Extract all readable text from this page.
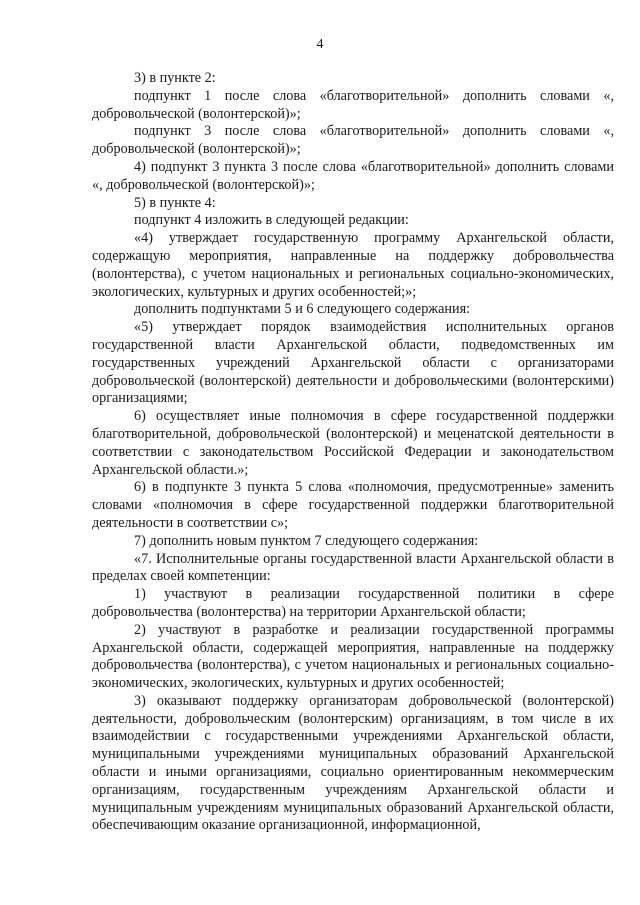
4

3) в пункте 2:

подпункт 1 после слова «благотворительной» дополнить словами «, добровольческой (волонтерской)»;

подпункт 3 после слова «благотворительной» дополнить словами «, добровольческой (волонтерской)»;

4) подпункт 3 пункта 3 после слова «благотворительной» дополнить словами «, добровольческой (волонтерской)»;

5) в пункте 4:

подпункт 4 изложить в следующей редакции:

«4) утверждает государственную программу Архангельской области, содержащую мероприятия, направленные на поддержку добровольчества (волонтерства), с учетом национальных и региональных социально-экономических, экологических, культурных и других особенностей;»;

дополнить подпунктами 5 и 6 следующего содержания:

«5) утверждает порядок взаимодействия исполнительных органов государственной власти Архангельской области, подведомственных им государственных учреждений Архангельской области с организаторами добровольческой (волонтерской) деятельности и добровольческими (волонтерскими) организациями;

6) осуществляет иные полномочия в сфере государственной поддержки благотворительной, добровольческой (волонтерской) и меценатской деятельности в соответствии с законодательством Российской Федерации и законодательством Архангельской области.»;

6) в подпункте 3 пункта 5 слова «полномочия, предусмотренные» заменить словами «полномочия в сфере государственной поддержки благотворительной деятельности в соответствии с»;

7) дополнить новым пунктом 7 следующего содержания:

«7. Исполнительные органы государственной власти Архангельской области в пределах своей компетенции:

1) участвуют в реализации государственной политики в сфере добровольчества (волонтерства) на территории Архангельской области;

2) участвуют в разработке и реализации государственной программы Архангельской области, содержащей мероприятия, направленные на поддержку добровольчества (волонтерства), с учетом национальных и региональных социально-экономических, экологических, культурных и других особенностей;

3) оказывают поддержку организаторам добровольческой (волонтерской) деятельности, добровольческим (волонтерским) организациям, в том числе в их взаимодействии с государственными учреждениями Архангельской области, муниципальными учреждениями муниципальных образований Архангельской области и иными организациями, социально ориентированным некоммерческим организациям, государственным учреждениям Архангельской области и муниципальным учреждениям муниципальных образований Архангельской области, обеспечивающим оказание организационной, информационной,
